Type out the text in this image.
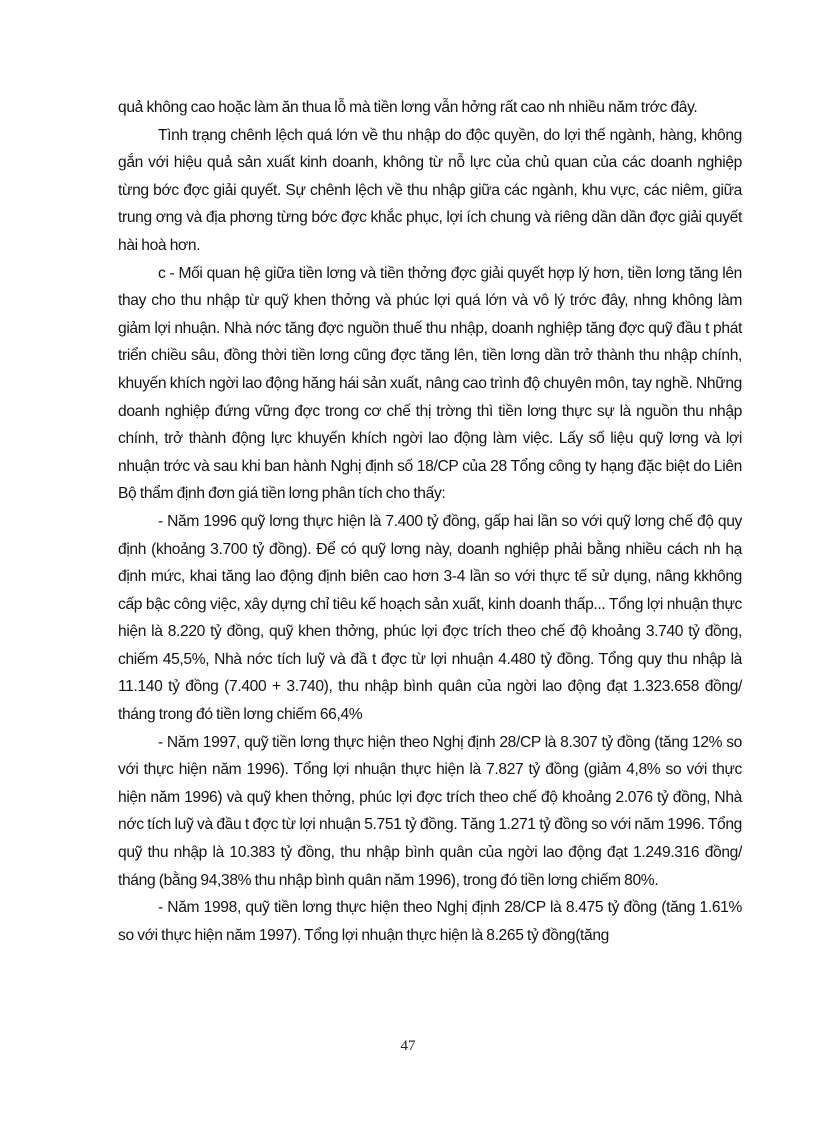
quả không cao hoặc làm ăn thua lỗ mà tiền lơng vẫn hởng rất cao nh nhiều năm trớc đây.

Tình trạng chênh lệch quá lớn về thu nhập do độc quyền, do lợi thế ngành, hàng, không gắn với hiệu quả sản xuất kinh doanh, không từ nỗ lực của chủ quan của các doanh nghiệp từng bớc đợc giải quyết. Sự chênh lệch về thu nhập giữa các ngành, khu vực, các niêm, giữa trung ơng và địa phơng từng bớc đợc khắc phục, lợi ích chung và riêng dần dần đợc giải quyết hài hoà hơn.

c - Mối quan hệ giữa tiền lơng và tiền thởng đợc giải quyết hợp lý hơn, tiền lơng tăng lên thay cho thu nhập từ quỹ khen thởng và phúc lợi quá lớn và vô lý trớc đây, nhng không làm giảm lợi nhuận. Nhà nớc tăng đợc nguồn thuế thu nhập, doanh nghiệp tăng đợc quỹ đầu t phát triển chiều sâu, đồng thời tiền lơng cũng đợc tăng lên, tiền lơng dần trở thành thu nhập chính, khuyến khích ngời lao động hăng hái sản xuất, nâng cao trình độ chuyên môn, tay nghề. Những doanh nghiệp đứng vững đợc trong cơ chế thị trờng thì tiền lơng thực sự là nguồn thu nhập chính, trở thành động lực khuyến khích ngời lao động làm việc. Lấy số liệu quỹ lơng và lợi nhuận trớc và sau khi ban hành Nghị định số 18/CP của 28 Tổng công ty hạng đặc biệt do Liên Bộ thẩm định đơn giá tiền lơng phân tích cho thấy:

- Năm 1996 quỹ lơng thực hiện là 7.400 tỷ đồng, gấp hai lần so với quỹ lơng chế độ quy định (khoảng 3.700 tỷ đồng). Để có quỹ lơng này, doanh nghiệp phải bằng nhiều cách nh hạ định mức, khai tăng lao động định biên cao hơn 3-4 lần so với thực tế sử dụng, nâng kkhông cấp bậc công việc, xây dựng chỉ tiêu kế hoạch sản xuất, kinh doanh thấp... Tổng lợi nhuận thực hiện là 8.220 tỷ đồng, quỹ khen thởng, phúc lợi đợc trích theo chế độ khoảng 3.740 tỷ đồng, chiếm 45,5%, Nhà nớc tích luỹ và đầ t đợc từ lợi nhuận 4.480 tỷ đồng. Tổng quy thu nhập là 11.140 tỷ đồng (7.400 + 3.740), thu nhập bình quân của ngời lao động đạt 1.323.658 đồng/ tháng trong đó tiền lơng chiếm 66,4%

- Năm 1997, quỹ tiền lơng thực hiện theo Nghị định 28/CP là 8.307 tỷ đồng (tăng 12% so với thực hiện năm 1996). Tổng lợi nhuận thực hiện là 7.827 tỷ đồng (giảm 4,8% so với thực hiện năm 1996) và quỹ khen thởng, phúc lợi đợc trích theo chế độ khoảng 2.076 tỷ đồng, Nhà nớc tích luỹ và đầu t đợc từ lợi nhuận 5.751 tỷ đồng. Tăng 1.271 tỷ đồng so với năm 1996. Tổng quỹ thu nhập là 10.383 tỷ đồng, thu nhập bình quân của ngời lao động đạt 1.249.316 đồng/ tháng (bằng 94,38% thu nhập bình quân năm 1996), trong đó tiền lơng chiếm 80%.

- Năm 1998, quỹ tiền lơng thực hiện theo Nghị định 28/CP là 8.475 tỷ đồng (tăng 1.61% so với thực hiện năm 1997). Tổng lợi nhuận thực hiện là 8.265 tỷ đồng(tăng

47
